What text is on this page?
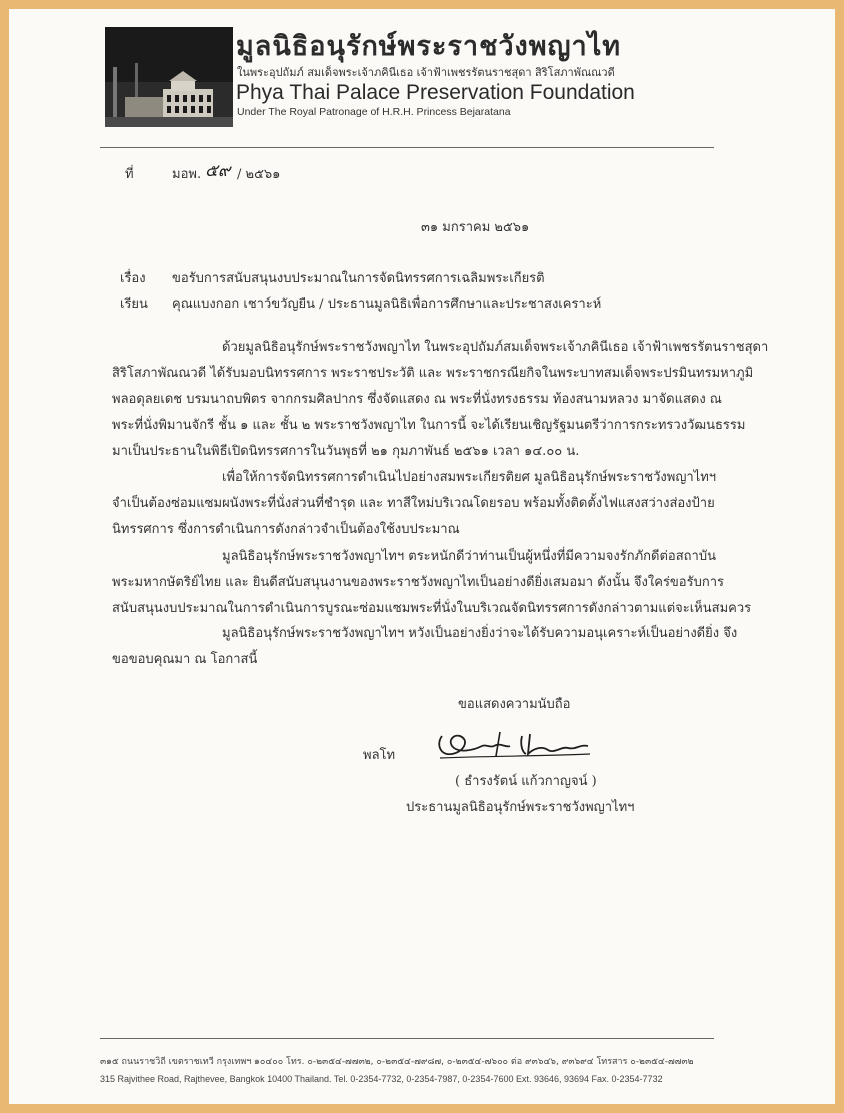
มูลนิธิอนุรักษ์พระราชวังพญาไท
ในพระอุปถัมภ์ สมเด็จพระเจ้าภคินีเธอ เจ้าฟ้าเพชรรัตนราชสุดา สิริโสภาพัณณวดี
Phya Thai Palace Preservation Foundation
Under The Royal Patronage of H.R.H. Princess Bejaratana
ที่	มอพ. ๕๙ / ๒๕๖๑
๓๑ มกราคม ๒๕๖๑
เรื่อง ขอรับการสนับสนุนงบประมาณในการจัดนิทรรศการเฉลิมพระเกียรติ
เรียน คุณแบงกอก เชาว์ขวัญยืน / ประธานมูลนิธิเพื่อการศึกษาและประชาสงเคราะห์
ด้วยมูลนิธิอนุรักษ์พระราชวังพญาไท ในพระอุปถัมภ์สมเด็จพระเจ้าภคินีเธอ เจ้าฟ้าเพชรรัตนราชสุดา
สิริโสภาพัณณวดี ได้รับมอบนิทรรศการ พระราชประวัติ และ พระราชกรณียกิจในพระบาทสมเด็จพระปรมินทรมหาภูมิ
พลอดุลยเดช บรมนาถบพิตร จากกรมศิลปากร ซึ่งจัดแสดง ณ พระที่นั่งทรงธรรม ท้องสนามหลวง มาจัดแสดง ณ
พระที่นั่งพิมานจักรี ชั้น ๑ และ ชั้น ๒ พระราชวังพญาไท ในการนี้ จะได้เรียนเชิญรัฐมนตรีว่าการกระทรวงวัฒนธรรม
มาเป็นประธานในพิธีเปิดนิทรรศการในวันพุธที่ ๒๑ กุมภาพันธ์ ๒๕๖๑ เวลา ๑๔.๐๐ น.
เพื่อให้การจัดนิทรรศการดำเนินไปอย่างสมพระเกียรติยศ มูลนิธิอนุรักษ์พระราชวังพญาไทฯ
จำเป็นต้องซ่อมแซมผนังพระที่นั่งส่วนที่ชำรุด และ ทาสีใหม่บริเวณโดยรอบ พร้อมทั้งติดตั้งไฟแสงสว่างส่องป้าย
นิทรรศการ ซึ่งการดำเนินการดังกล่าวจำเป็นต้องใช้งบประมาณ
มูลนิธิอนุรักษ์พระราชวังพญาไทฯ ตระหนักดีว่าท่านเป็นผู้หนึ่งที่มีความจงรักภักดีต่อสถาบัน
พระมหากษัตริย์ไทย และ ยินดีสนับสนุนงานของพระราชวังพญาไทเป็นอย่างดียิ่งเสมอมา ดังนั้น จึงใคร่ขอรับการ
สนับสนุนงบประมาณในการดำเนินการบูรณะซ่อมแซมพระที่นั่งในบริเวณจัดนิทรรศการดังกล่าวตามแต่จะเห็นสมควร
มูลนิธิอนุรักษ์พระราชวังพญาไทฯ หวังเป็นอย่างยิ่งว่าจะได้รับความอนุเคราะห์เป็นอย่างดียิ่ง จึง
ขอขอบคุณมา ณ โอกาสนี้
ขอแสดงความนับถือ
พลโท
( ธำรงรัตน์ แก้วกาญจน์ )
ประธานมูลนิธิอนุรักษ์พระราชวังพญาไทฯ
๓๑๕ ถนนราชวิถี เขตราชเทวี กรุงเทพฯ ๑๐๔๐๐ โทร. ๐-๒๓๕๔-๗๗๓๒, ๐-๒๓๕๔-๗๙๘๗, ๐-๒๓๕๔-๗๖๐๐ ต่อ ๙๓๖๔๖, ๙๓๖๙๔ โทรสาร ๐-๒๓๕๔-๗๗๓๒
315 Rajvithee Road, Rajthevee, Bangkok 10400 Thailand. Tel. 0-2354-7732, 0-2354-7987, 0-2354-7600 Ext. 93646, 93694 Fax. 0-2354-7732
